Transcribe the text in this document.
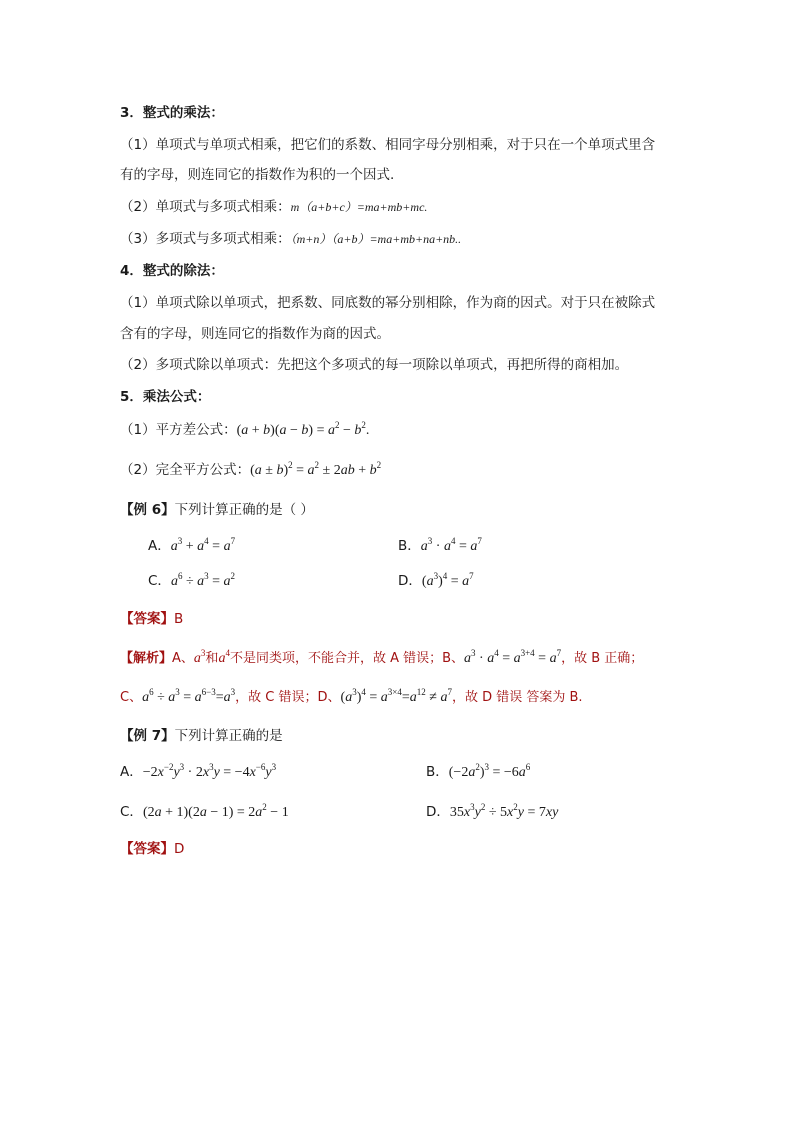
3．整式的乘法：
（1）单项式与单项式相乘，把它们的系数、相同字母分别相乘，对于只在一个单项式里含
有的字母，则连同它的指数作为积的一个因式.
（2）单项式与多项式相乘：m（a+b+c）=ma+mb+mc.
（3）多项式与多项式相乘：（m+n）（a+b）=ma+mb+na+nb..
4．整式的除法：
（1）单项式除以单项式，把系数、同底数的幂分别相除，作为商的因式。对于只在被除式
含有的字母，则连同它的指数作为商的因式。
（2）多项式除以单项式：先把这个多项式的每一项除以单项式，再把所得的商相加。
5．乘法公式：
（1）平方差公式：$(a + b)(a - b) = a^2 - b^2$.
（2）完全平方公式：$(a \pm b)^2 = a^2 \pm 2ab + b^2$
【例 6】下列计算正确的是（ ）
A．$a^3 + a^4 = a^7$	B．$a^3 \cdot a^4 = a^7$
C．$a^6 \div a^3 = a^2$	D．$(a^3)^4 = a^7$
【答案】B
【解析】A、$a^3$和$a^4$不是同类项，不能合并，故 A 错误；B、$a^3 \cdot a^4 = a^{3+4} = a^7$，故 B 正确；
C、$a^6 \div a^3 = a^{6-3}=a^3$，故 C 错误；D、$(a^3)^4 = a^{3\times 4}=a^{12} \ne a^7$，故 D 错误 答案为 B.
【例 7】下列计算正确的是
A．$-2x^{-2}y^3 \cdot 2x^3y = -4x^{-6}y^3$	B．$(-2a^2)^3 = -6a^6$
C．$(2a + 1)(2a - 1) = 2a^2 - 1$	D．$35x^3y^2 \div 5x^2y = 7xy$
【答案】D
